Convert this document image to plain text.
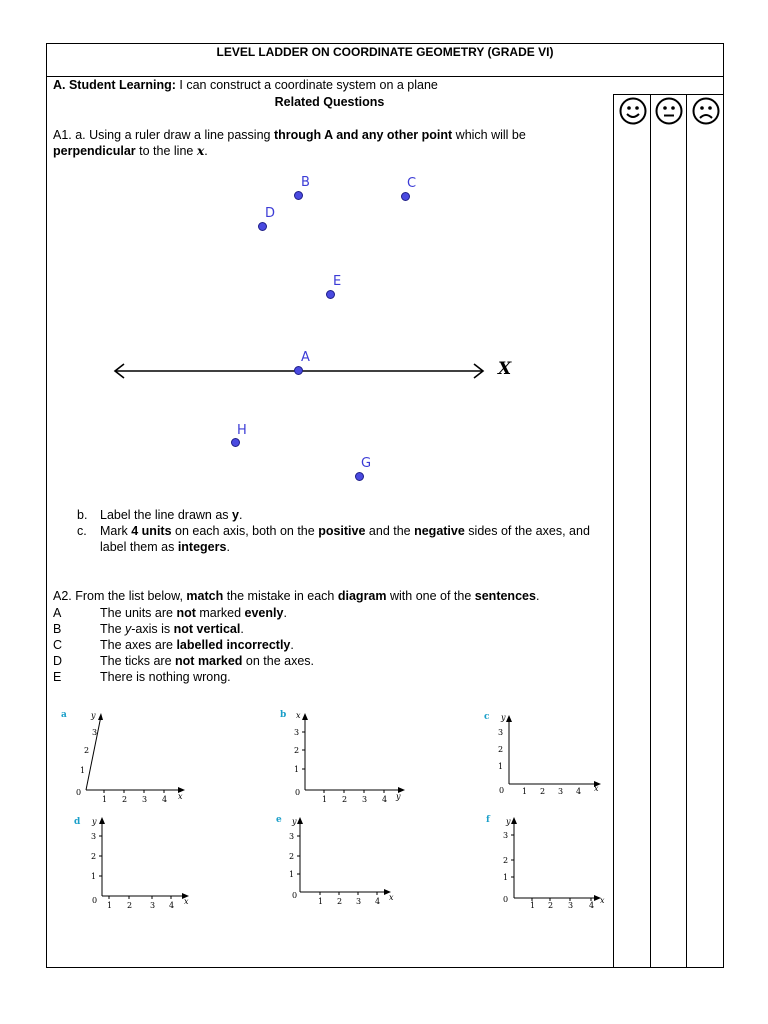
LEVEL LADDER ON COORDINATE GEOMETRY (GRADE VI)
A. Student Learning: I can construct a coordinate system on a plane
Related Questions
A1. a. Using a ruler draw a line passing through A and any other point which will be
perpendicular to the line x.
X
B	C
D
E
A
H
G
b. Label the line drawn as y.
c. Mark 4 units on each axis, both on the positive and the negative sides of the axes, and
label them as integers.
A2. From the list below, match the mistake in each diagram with one of the sentences.
A	The units are not marked evenly.
B	The y-axis is not vertical.
C	The axes are labelled incorrectly.
D	The ticks are not marked on the axes.
E	There is nothing wrong.
a	y
3
2
1
0
1 2 3 4 x
b x
3
2
1
0
1 2 3 4 y
c y
3
2
1
0 1 2 3 4 x
d y
3
2
1
0
1 2 3 4 x
e y
3
2
1
0
1 2 3 4 x
f y
3
2
1
0
1 2 3 4
x
